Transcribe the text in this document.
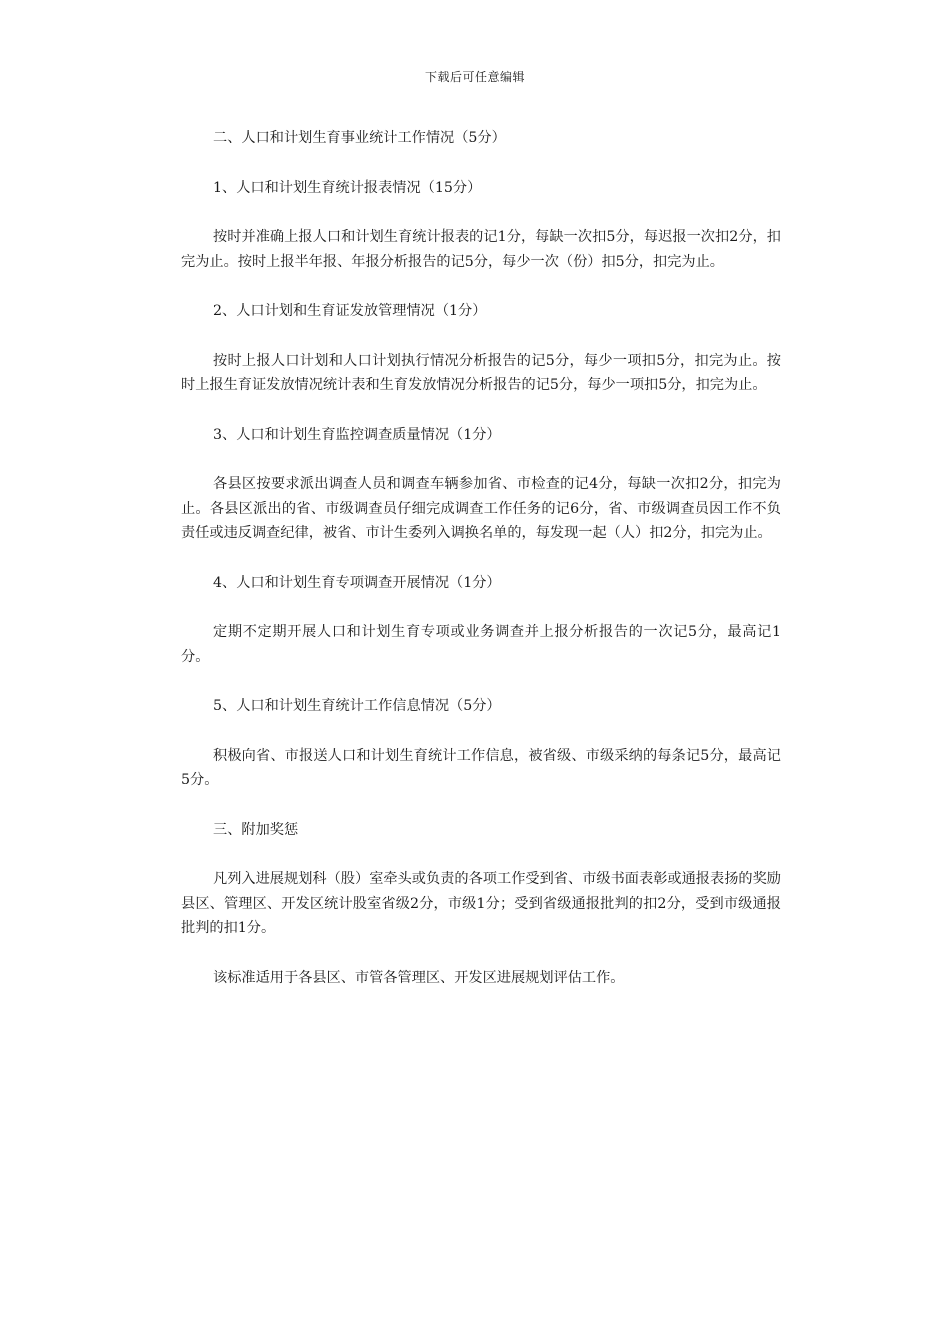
下载后可任意编辑

二、人口和计划生育事业统计工作情况（5分）

1、人口和计划生育统计报表情况（15分）

按时并准确上报人口和计划生育统计报表的记1分，每缺一次扣5分，每迟报一次扣2分，扣完为止。按时上报半年报、年报分析报告的记5分，每少一次（份）扣5分，扣完为止。

2、人口计划和生育证发放管理情况（1分）

按时上报人口计划和人口计划执行情况分析报告的记5分，每少一项扣5分，扣完为止。按时上报生育证发放情况统计表和生育发放情况分析报告的记5分，每少一项扣5分，扣完为止。

3、人口和计划生育监控调查质量情况（1分）

各县区按要求派出调查人员和调查车辆参加省、市检查的记4分，每缺一次扣2分，扣完为止。各县区派出的省、市级调查员仔细完成调查工作任务的记6分，省、市级调查员因工作不负责任或违反调查纪律，被省、市计生委列入调换名单的，每发现一起（人）扣2分，扣完为止。

4、人口和计划生育专项调查开展情况（1分）

定期不定期开展人口和计划生育专项或业务调查并上报分析报告的一次记5分，最高记1分。

5、人口和计划生育统计工作信息情况（5分）

积极向省、市报送人口和计划生育统计工作信息，被省级、市级采纳的每条记5分，最高记5分。

三、附加奖惩

凡列入进展规划科（股）室牵头或负责的各项工作受到省、市级书面表彰或通报表扬的奖励县区、管理区、开发区统计股室省级2分，市级1分；受到省级通报批判的扣2分，受到市级通报批判的扣1分。

该标准适用于各县区、市管各管理区、开发区进展规划评估工作。
